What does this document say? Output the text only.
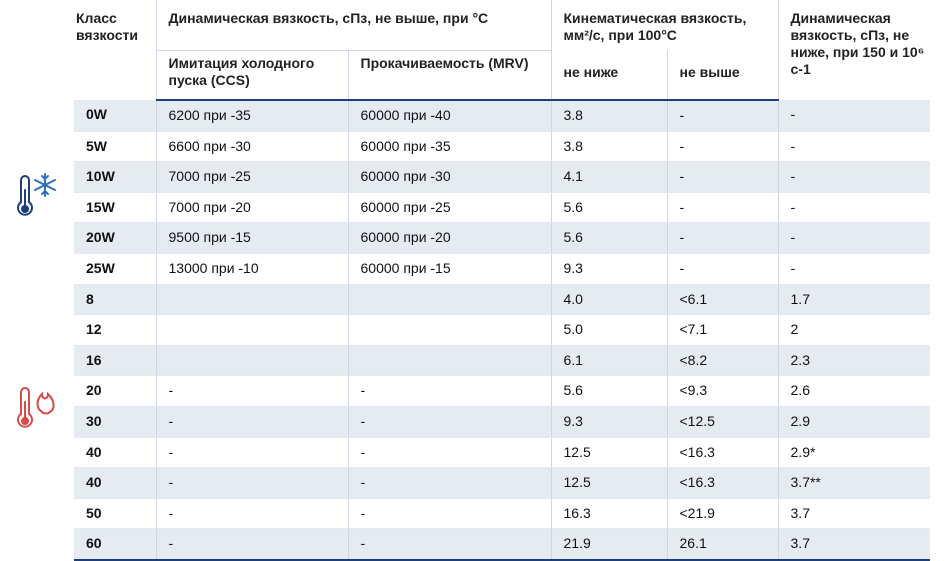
Класс вязкости	Динамическая вязкость, сПз, не выше, при °C		Кинематическая вязкость, мм²/с, при 100°C		Динамическая вязкость, сПз, не ниже, при 150 и 10⁶ с-1
	Имитация холодного пуска (CCS)	Прокачиваемость (MRV)	не ниже	не выше	
0W	6200 при -35	60000 при -40	3.8	-	-
5W	6600 при -30	60000 при -35	3.8	-	-
10W	7000 при -25	60000 при -30	4.1	-	-
15W	7000 при -20	60000 при -25	5.6	-	-
20W	9500 при -15	60000 при -20	5.6	-	-
25W	13000 при -10	60000 при -15	9.3	-	-
8			4.0	<6.1	1.7
12			5.0	<7.1	2
16			6.1	<8.2	2.3
20	-	-	5.6	<9.3	2.6
30	-	-	9.3	<12.5	2.9
40	-	-	12.5	<16.3	2.9*
40	-	-	12.5	<16.3	3.7**
50	-	-	16.3	<21.9	3.7
60	-	-	21.9	26.1	3.7
